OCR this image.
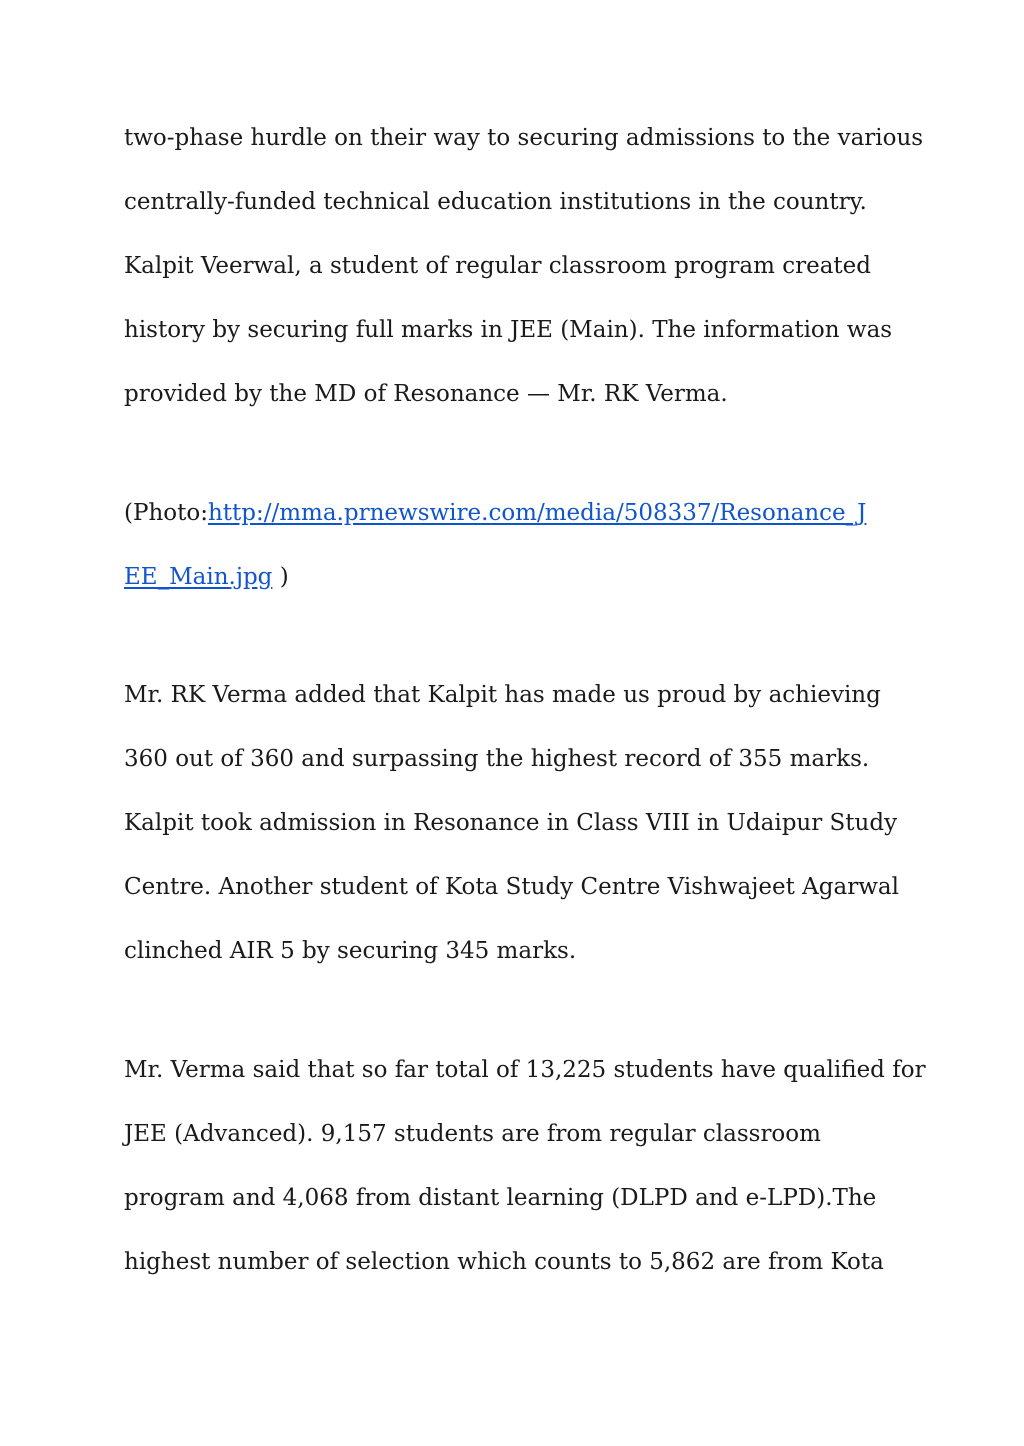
two-phase hurdle on their way to securing admissions to the various
centrally-funded technical education institutions in the country.
Kalpit Veerwal, a student of regular classroom program created
history by securing full marks in JEE (Main). The information was
provided by the MD of Resonance — Mr. RK Verma.
(Photo:http://mma.prnewswire.com/media/508337/Resonance_J
EE_Main.jpg )
Mr. RK Verma added that Kalpit has made us proud by achieving
360 out of 360 and surpassing the highest record of 355 marks.
Kalpit took admission in Resonance in Class VIII in Udaipur Study
Centre. Another student of Kota Study Centre Vishwajeet Agarwal
clinched AIR 5 by securing 345 marks.
Mr. Verma said that so far total of 13,225 students have qualified for
JEE (Advanced). 9,157 students are from regular classroom
program and 4,068 from distant learning (DLPD and e-LPD).The
highest number of selection which counts to 5,862 are from Kota
